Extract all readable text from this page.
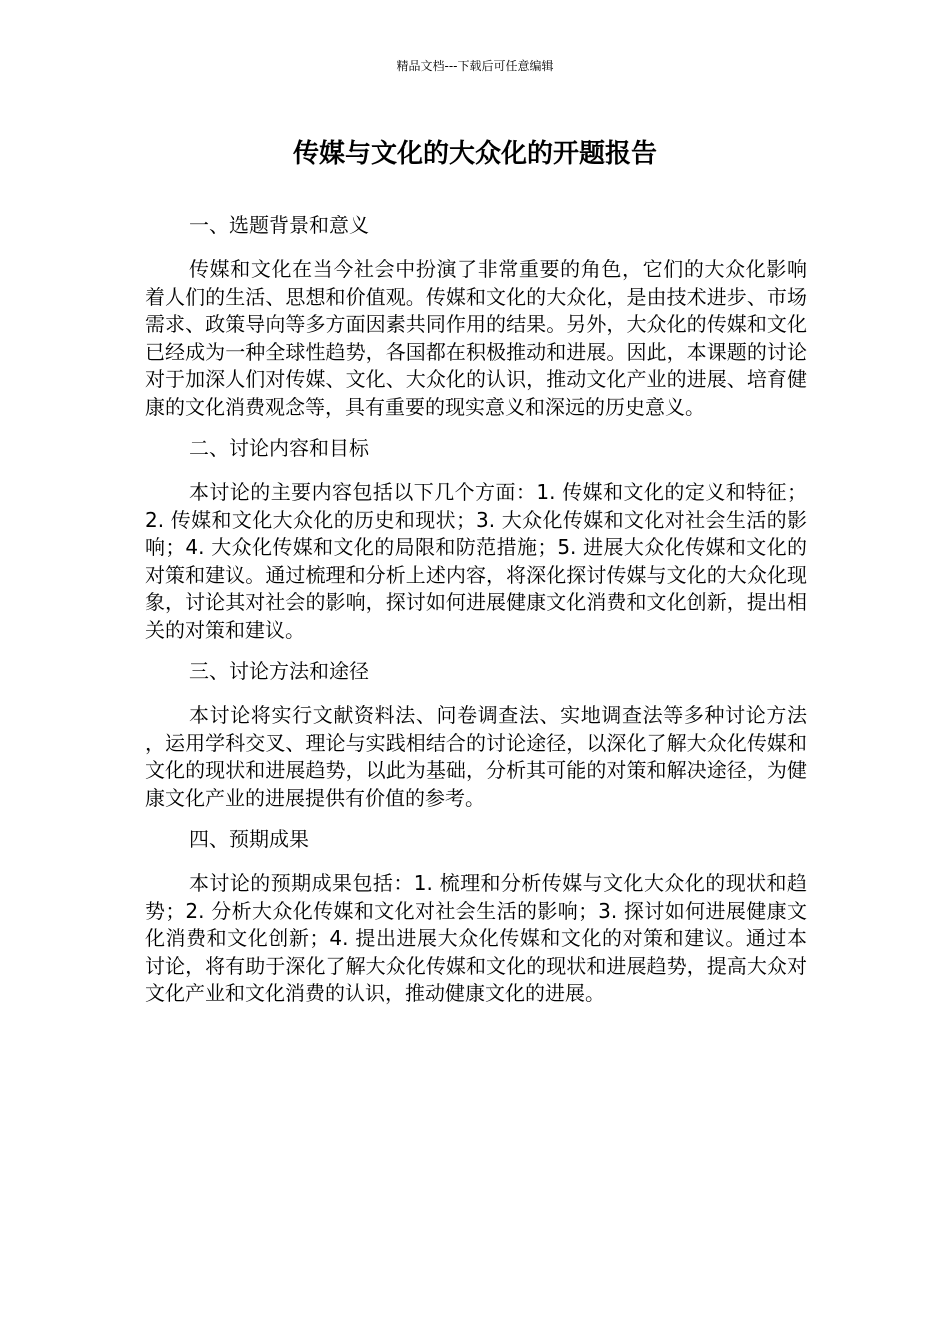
精品文档---下载后可任意编辑
传媒与文化的大众化的开题报告

一、选题背景和意义

传媒和文化在当今社会中扮演了非常重要的角色，它们的大众化影响着人们的生活、思想和价值观。传媒和文化的大众化，是由技术进步、市场需求、政策导向等多方面因素共同作用的结果。另外，大众化的传媒和文化已经成为一种全球性趋势，各国都在积极推动和进展。因此，本课题的讨论对于加深人们对传媒、文化、大众化的认识，推动文化产业的进展、培育健康的文化消费观念等，具有重要的现实意义和深远的历史意义。

二、讨论内容和目标

本讨论的主要内容包括以下几个方面：1. 传媒和文化的定义和特征；2. 传媒和文化大众化的历史和现状；3. 大众化传媒和文化对社会生活的影响；4. 大众化传媒和文化的局限和防范措施；5. 进展大众化传媒和文化的对策和建议。通过梳理和分析上述内容，将深化探讨传媒与文化的大众化现象，讨论其对社会的影响，探讨如何进展健康文化消费和文化创新，提出相关的对策和建议。

三、讨论方法和途径

本讨论将实行文献资料法、问卷调查法、实地调查法等多种讨论方法，运用学科交叉、理论与实践相结合的讨论途径，以深化了解大众化传媒和文化的现状和进展趋势，以此为基础，分析其可能的对策和解决途径，为健康文化产业的进展提供有价值的参考。

四、预期成果

本讨论的预期成果包括：1. 梳理和分析传媒与文化大众化的现状和趋势；2. 分析大众化传媒和文化对社会生活的影响；3. 探讨如何进展健康文化消费和文化创新；4. 提出进展大众化传媒和文化的对策和建议。通过本讨论，将有助于深化了解大众化传媒和文化的现状和进展趋势，提高大众对文化产业和文化消费的认识，推动健康文化的进展。
